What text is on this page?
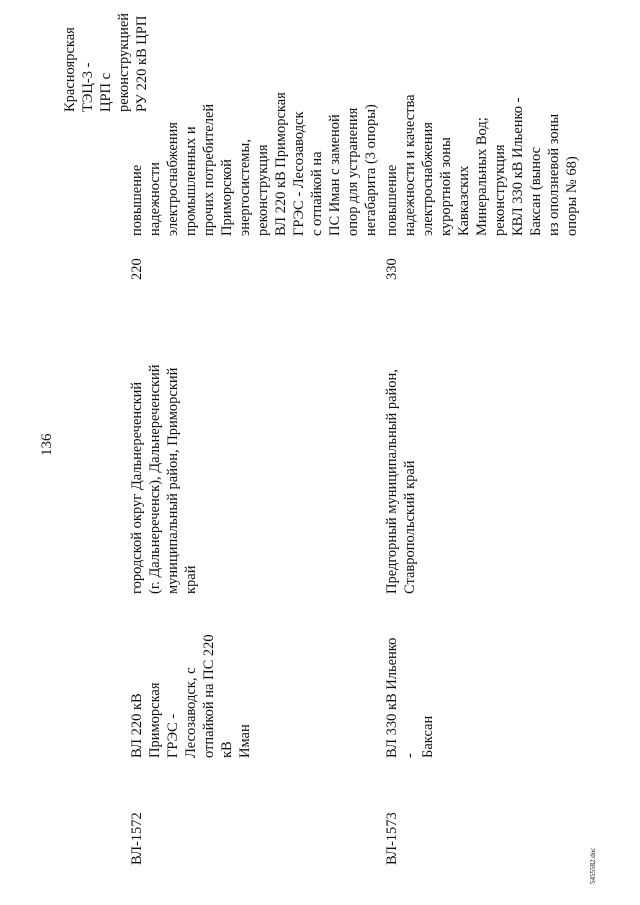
136
Красноярская ТЭЦ-3 -
ЦРП с реконструкцией
РУ 220 кВ ЦРП
ВЛ-1572
ВЛ 220 кВ Приморская
ГРЭС - Лесозаводск, с
отпайкой на ПС 220 кВ
Иман
городской округ Дальнереченский
(г. Дальнереченск), Дальнереченский
муниципальный район, Приморский
край
220
повышение
надежности
электроснабжения
промышленных и
прочих потребителей
Приморской
энергосистемы,
реконструкция
ВЛ 220 кВ Приморская
ГРЭС - Лесозаводск
с отпайкой на
ПС Иман с заменой
опор для устранения
негабарита (3 опоры)
ВЛ-1573
ВЛ 330 кВ Ильенко -
Баксан
Предгорный муниципальный район,
Ставропольский край
330
повышение
надежности и качества
электроснабжения
курортной зоны
Кавказских
Минеральных Вод;
реконструкция
КВЛ 330 кВ Ильенко -
Баксан (вынос
из оползневой зоны
опоры № 68)
5455582.doc
